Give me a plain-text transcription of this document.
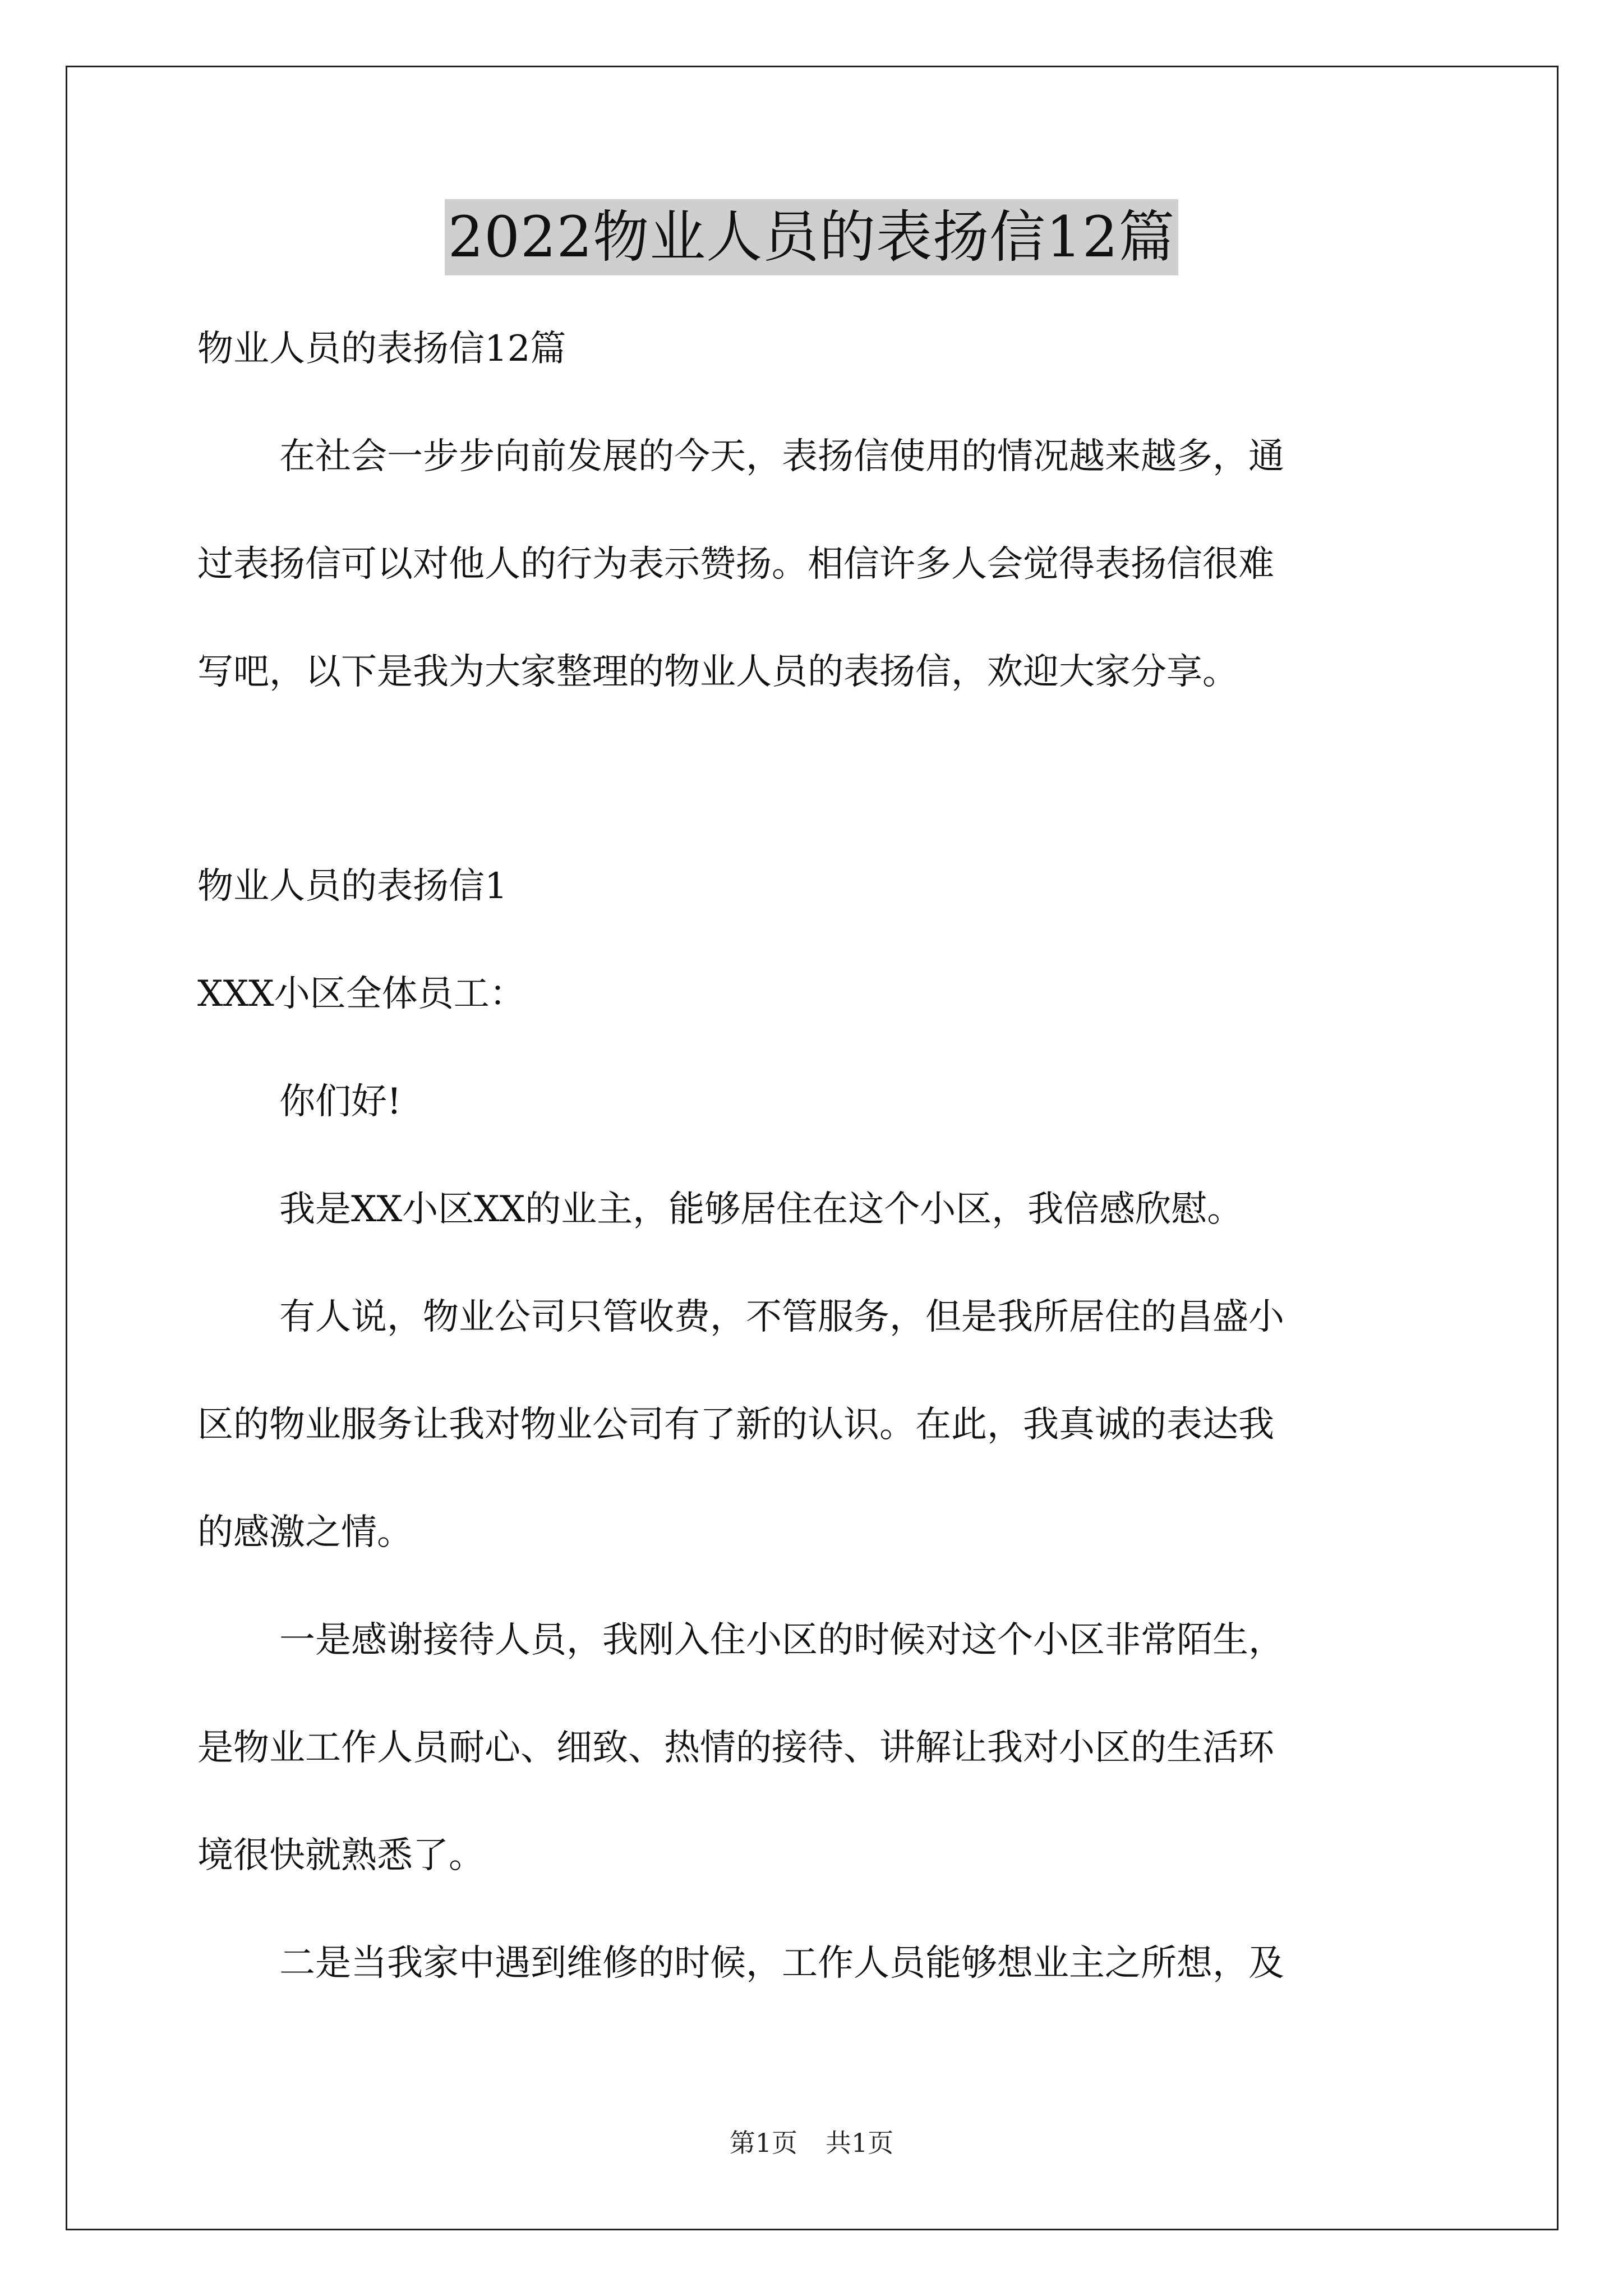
2022物业人员的表扬信12篇
物业人员的表扬信12篇
在社会一步步向前发展的今天，表扬信使用的情况越来越多，通
过表扬信可以对他人的行为表示赞扬。相信许多人会觉得表扬信很难
写吧，以下是我为大家整理的物业人员的表扬信，欢迎大家分享。
物业人员的表扬信1
XXX小区全体员工：
你们好!
我是XX小区XX的业主，能够居住在这个小区，我倍感欣慰。
有人说，物业公司只管收费，不管服务，但是我所居住的昌盛小
区的物业服务让我对物业公司有了新的认识。在此，我真诚的表达我
的感激之情。
一是感谢接待人员，我刚入住小区的时候对这个小区非常陌生，
是物业工作人员耐心、细致、热情的接待、讲解让我对小区的生活环
境很快就熟悉了。
二是当我家中遇到维修的时候，工作人员能够想业主之所想，及
第1页 共1页
